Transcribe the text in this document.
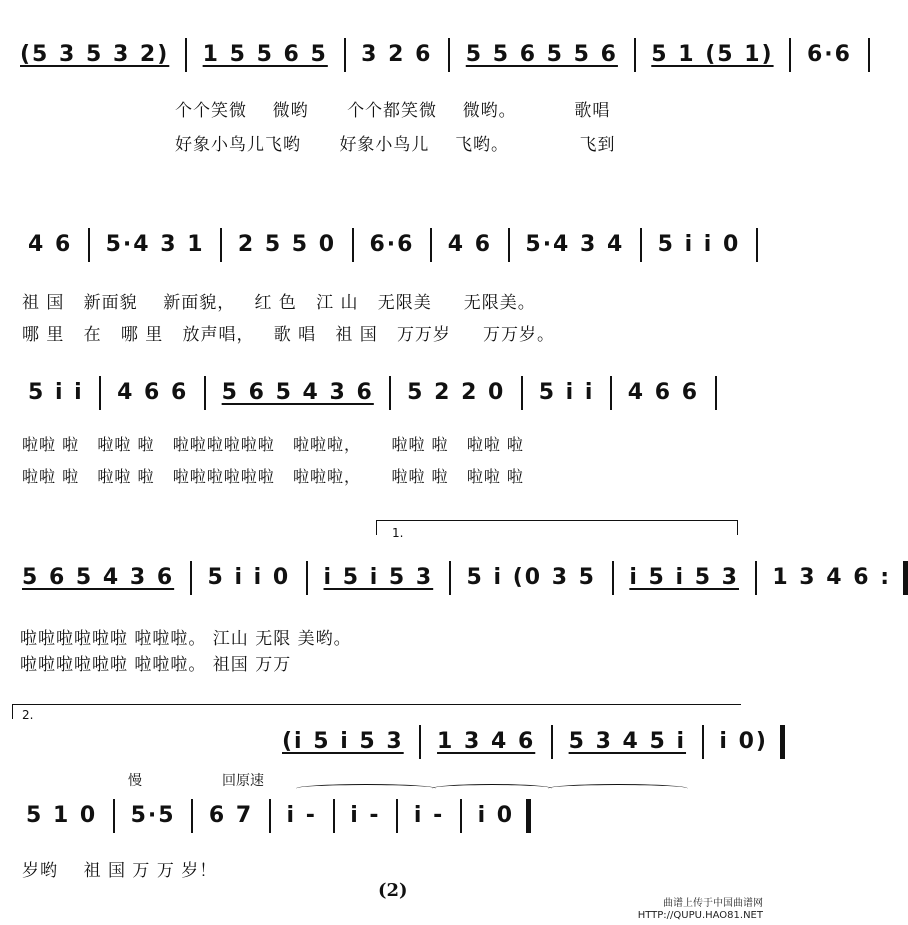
(5 3 5 3 2) 1 5 5 6 5 3 2 6 5 5 6 5 5 6 5 1 (5 1) 6·6
个个笑微 微哟 个个都笑微 微哟。	歌唱
好象小鸟儿飞哟 好象小鸟儿 飞哟。	飞到
4 6 5·4 3 1 2 5 5 0 6·6 4 6 5·4 3 4 5 i i 0
祖 国 新面貌 新面貌， 红 色 江 山 无限美 无限美。
哪 里 在 哪 里 放声唱， 歌 唱 祖 国 万万岁 万万岁。
5 i i 4 6 6 5 6 5 4 3 6 5 2 2 0 5 i i 4 6 6
啦啦 啦 啦啦 啦 啦啦啦啦啦啦 啦啦啦， 啦啦 啦 啦啦 啦
啦啦 啦 啦啦 啦 啦啦啦啦啦啦 啦啦啦， 啦啦 啦 啦啦 啦
1.
5 6 5 4 3 6 5 i i 0 i 5 i 5 3 5 i (0 3 5 i 5 i 5 3 1 3 4 6 :
啦啦啦啦啦啦 啦啦啦。 江山 无限 美哟。
啦啦啦啦啦啦 啦啦啦。 祖国 万万
2.
(i 5 i 5 3 1 3 4 6 5 3 4 5 i i 0)
慢	回原速
5 1 0 5·5 6 7 i - i - i - i 0
岁哟    祖 国 万 万 岁！
(2)
曲谱上传于中国曲谱网
HTTP://QUPU.HAO81.NET
